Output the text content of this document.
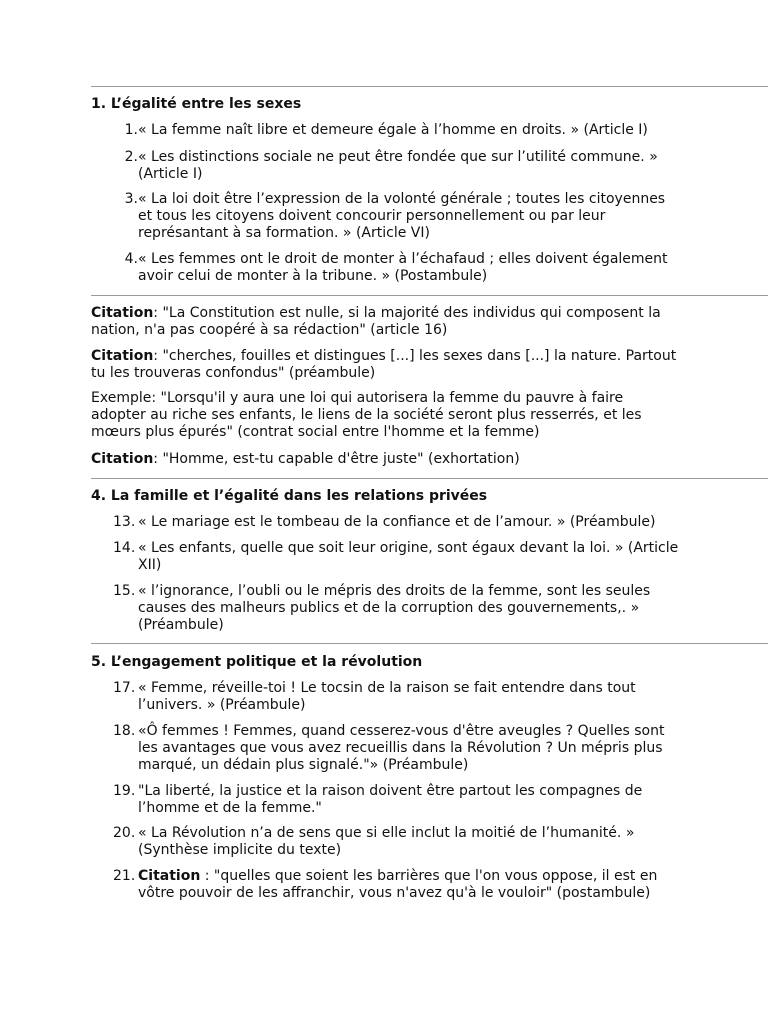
1. L’égalité entre les sexes
1. « La femme naît libre et demeure égale à l’homme en droits. » (Article I)
2. « Les distinctions sociale ne peut être fondée que sur l’utilité commune. » (Article I)
3. « La loi doit être l’expression de la volonté générale ; toutes les citoyennes et tous les citoyens doivent concourir personnellement ou par leur représantant à sa formation. » (Article VI)
4. « Les femmes ont le droit de monter à l’échafaud ; elles doivent également avoir celui de monter à la tribune. » (Postambule)

Citation: "La Constitution est nulle, si la majorité des individus qui composent la nation, n'a pas coopéré à sa rédaction" (article 16)

Citation: "cherches, fouilles et distingues [...] les sexes dans [...] la nature. Partout tu les trouveras confondus" (préambule)

Exemple: "Lorsqu'il y aura une loi qui autorisera la femme du pauvre à faire adopter au riche ses enfants, le liens de la société seront plus resserrés, et les mœurs plus épurés" (contrat social entre l'homme et la femme)

Citation: "Homme, est-tu capable d'être juste" (exhortation)

4. La famille et l’égalité dans les relations privées
13. « Le mariage est le tombeau de la confiance et de l’amour. » (Préambule)
14. « Les enfants, quelle que soit leur origine, sont égaux devant la loi. » (Article XII)
15. « l’ignorance, l’oubli ou le mépris des droits de la femme, sont les seules causes des malheurs publics et de la corruption des gouvernements,. » (Préambule)
5. L’engagement politique et la révolution
17. « Femme, réveille-toi ! Le tocsin de la raison se fait entendre dans tout l’univers. » (Préambule)
18. «Ô femmes ! Femmes, quand cesserez-vous d'être aveugles ? Quelles sont les avantages que vous avez recueillis dans la Révolution ? Un mépris plus marqué, un dédain plus signalé."» (Préambule)
19. "La liberté, la justice et la raison doivent être partout les compagnes de l’homme et de la femme."
20. « La Révolution n’a de sens que si elle inclut la moitié de l’humanité. » (Synthèse implicite du texte)
21. Citation : "quelles que soient les barrières que l'on vous oppose, il est en vôtre pouvoir de les affranchir, vous n'avez qu'à le vouloir" (postambule)
